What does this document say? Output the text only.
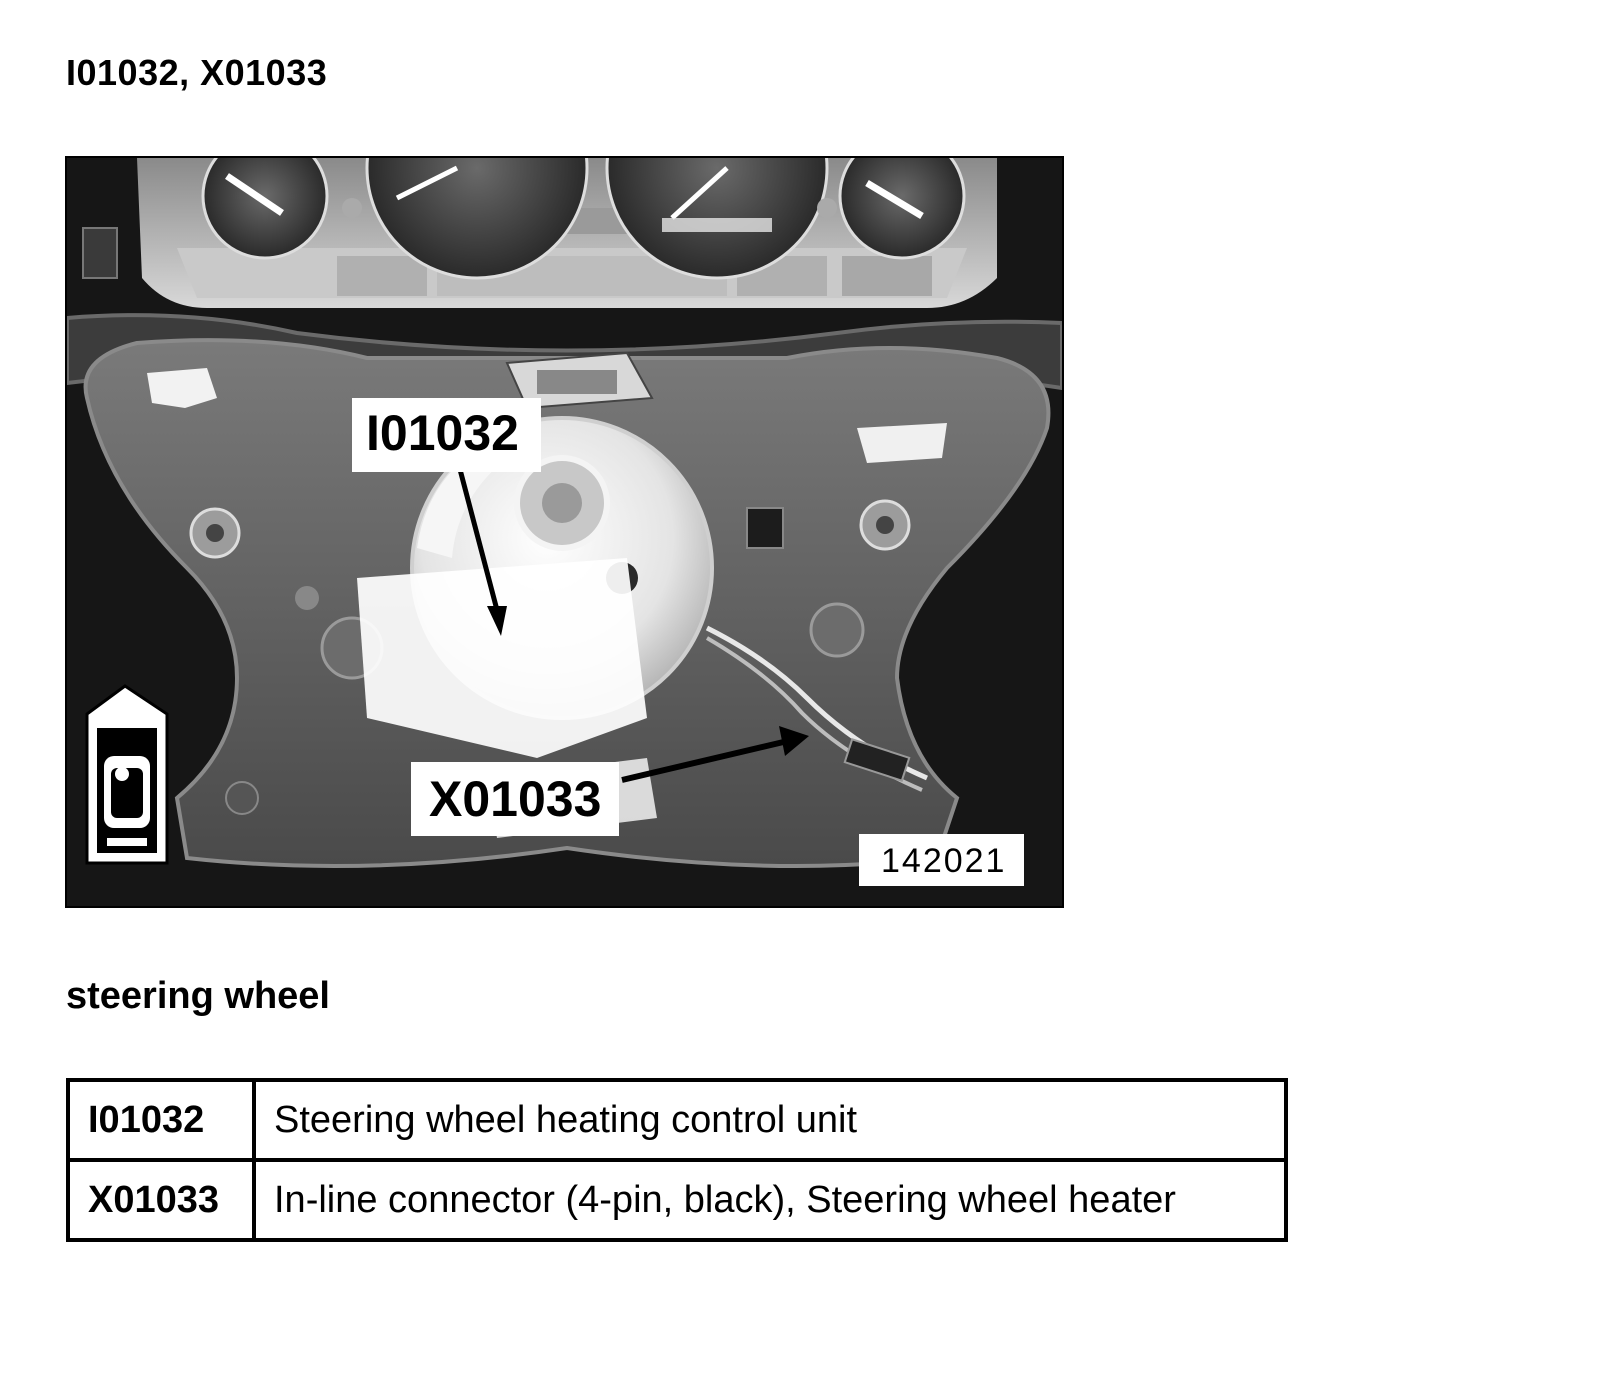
I01032, X01033
I01032
X01033
142021
steering wheel
I01032	Steering wheel heating control unit
X01033	In-line connector (4-pin, black), Steering wheel heater
